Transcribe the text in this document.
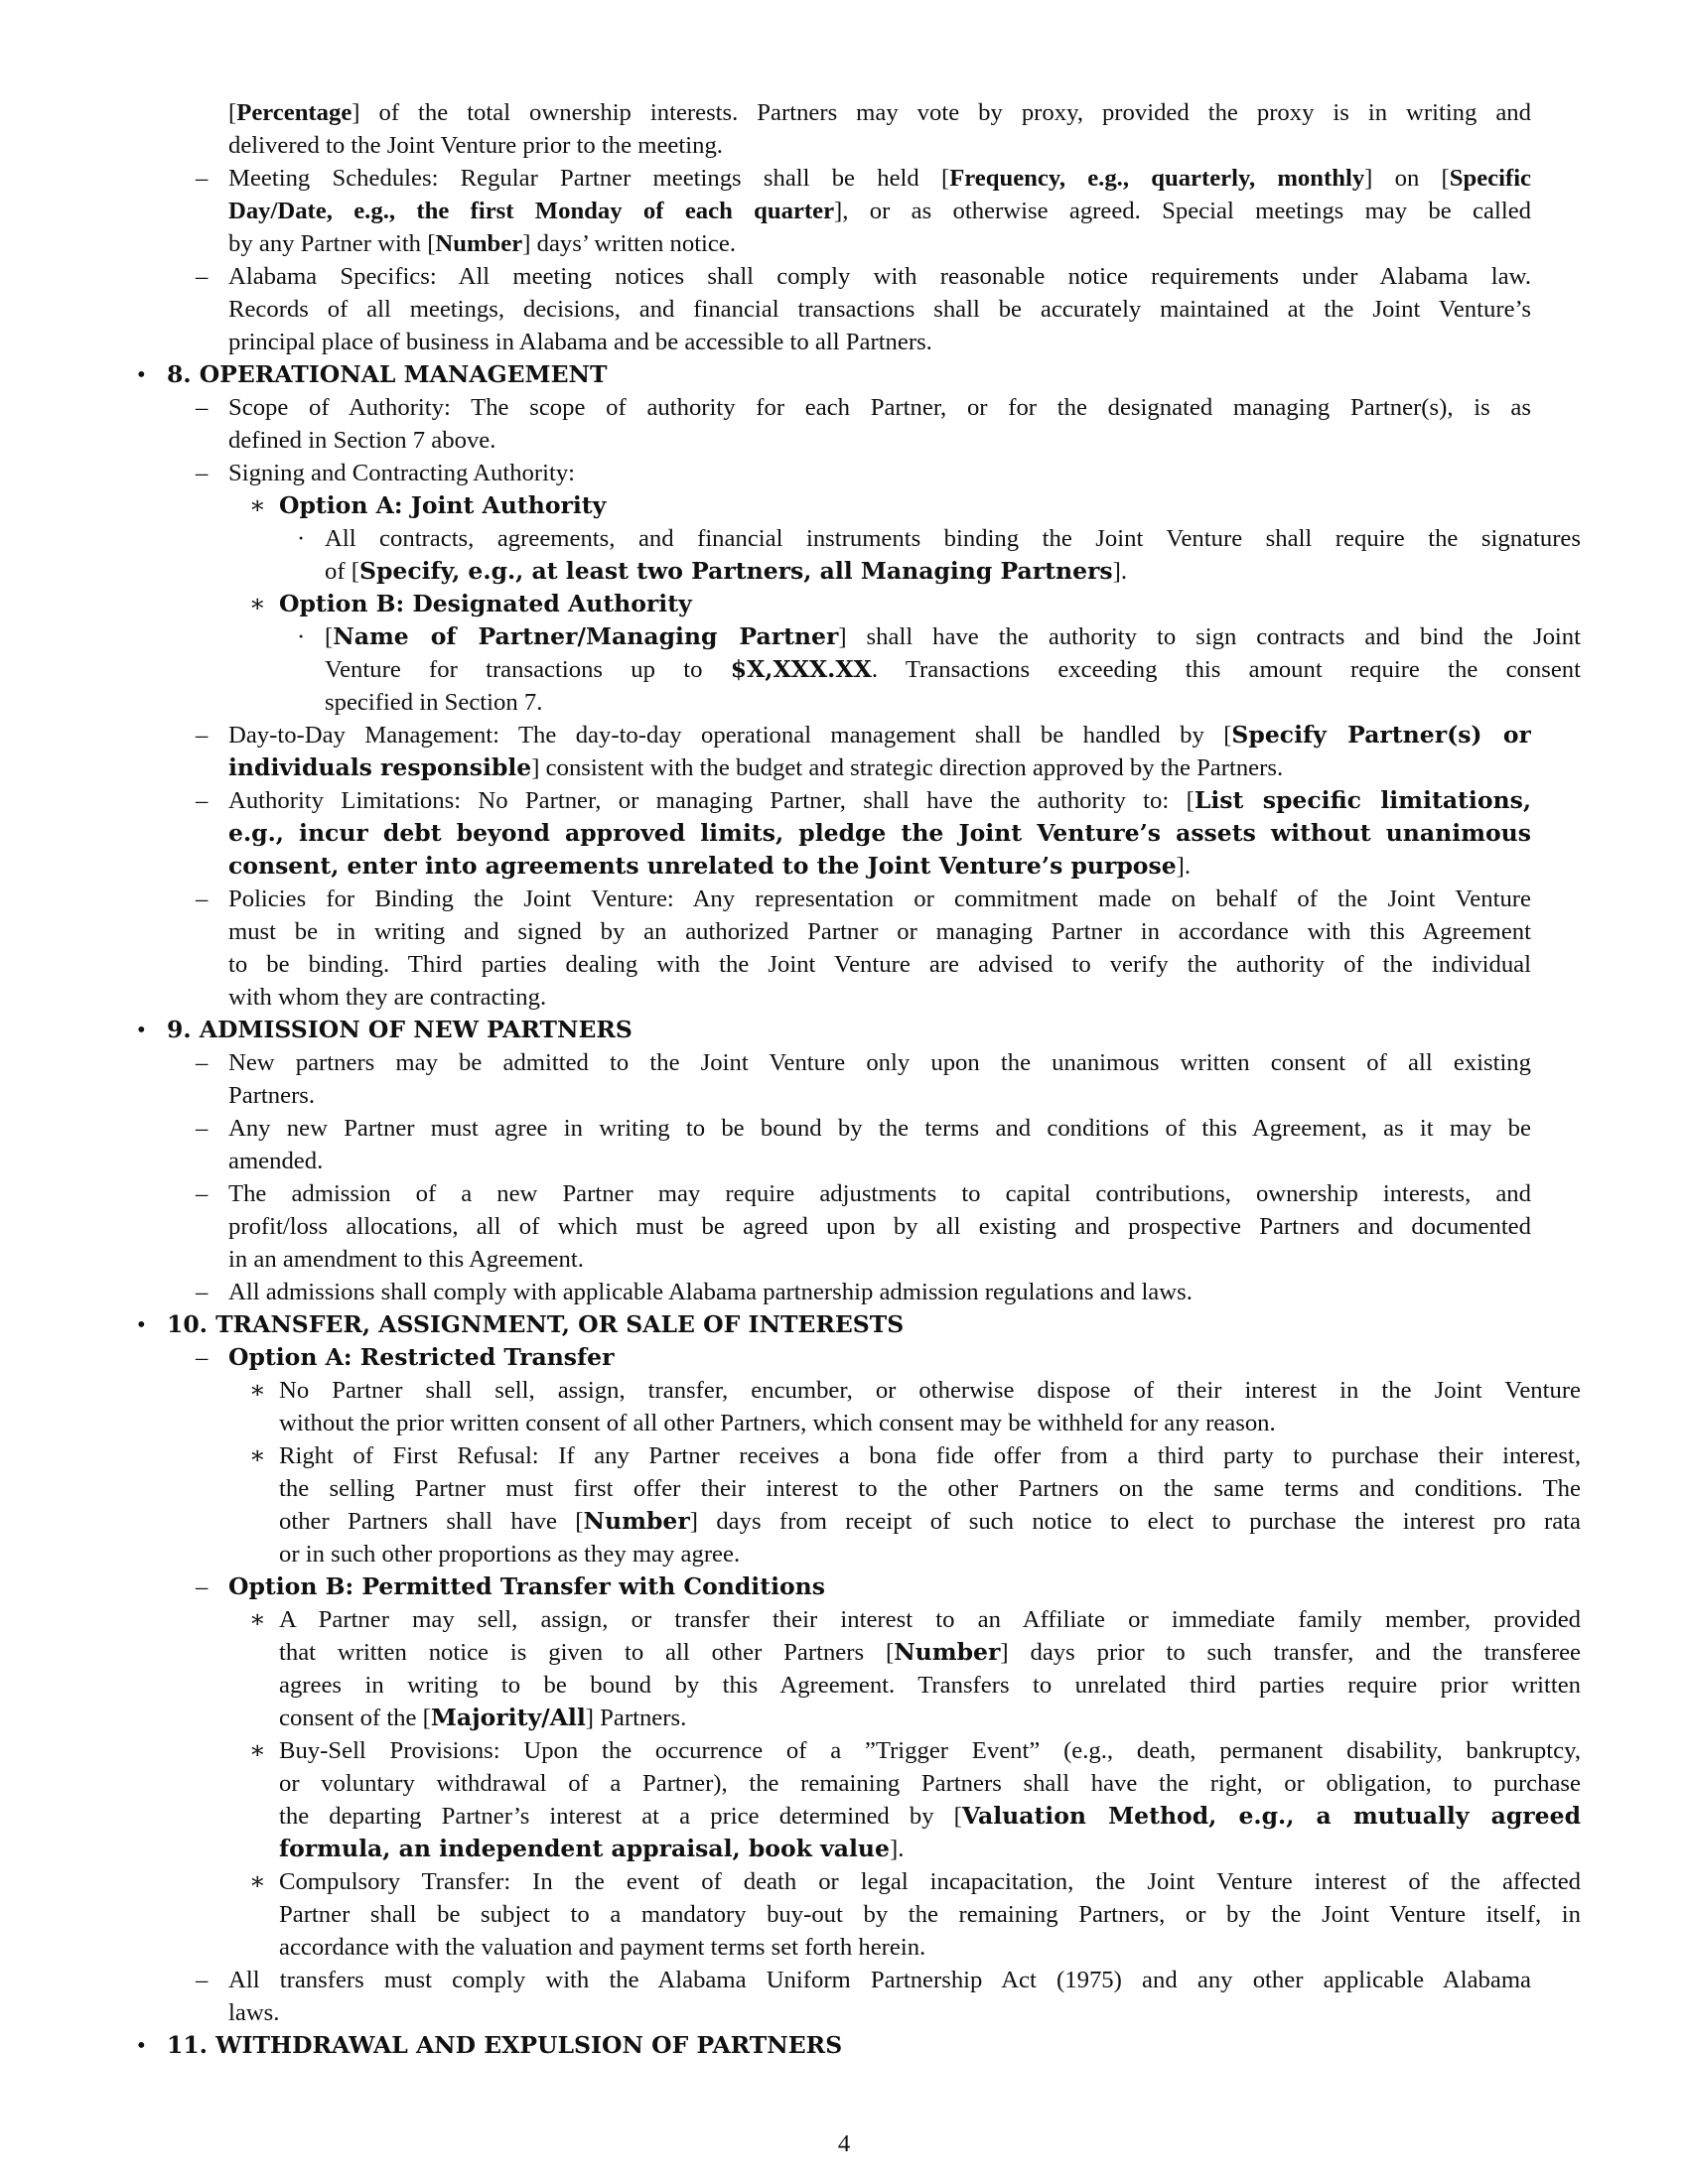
[Percentage] of the total ownership interests. Partners may vote by proxy, provided the proxy is in writing and
delivered to the Joint Venture prior to the meeting.
– Meeting Schedules: Regular Partner meetings shall be held [Frequency, e.g., quarterly, monthly] on [Specific
Day/Date, e.g., the first Monday of each quarter], or as otherwise agreed. Special meetings may be called
by any Partner with [Number] days’ written notice.
– Alabama Specifics: All meeting notices shall comply with reasonable notice requirements under Alabama law.
Records of all meetings, decisions, and financial transactions shall be accurately maintained at the Joint Venture’s
principal place of business in Alabama and be accessible to all Partners.
• 8. OPERATIONAL MANAGEMENT
– Scope of Authority: The scope of authority for each Partner, or for the designated managing Partner(s), is as
defined in Section 7 above.
– Signing and Contracting Authority:
∗ Option A: Joint Authority
· All contracts, agreements, and financial instruments binding the Joint Venture shall require the signatures
of [Specify, e.g., at least two Partners, all Managing Partners].
∗ Option B: Designated Authority
· [Name of Partner/Managing Partner] shall have the authority to sign contracts and bind the Joint
Venture for transactions up to $X,XXX.XX. Transactions exceeding this amount require the consent
specified in Section 7.
– Day-to-Day Management: The day-to-day operational management shall be handled by [Specify Partner(s) or
individuals responsible] consistent with the budget and strategic direction approved by the Partners.
– Authority Limitations: No Partner, or managing Partner, shall have the authority to: [List specific limitations,
e.g., incur debt beyond approved limits, pledge the Joint Venture’s assets without unanimous
consent, enter into agreements unrelated to the Joint Venture’s purpose].
– Policies for Binding the Joint Venture: Any representation or commitment made on behalf of the Joint Venture
must be in writing and signed by an authorized Partner or managing Partner in accordance with this Agreement
to be binding. Third parties dealing with the Joint Venture are advised to verify the authority of the individual
with whom they are contracting.
• 9. ADMISSION OF NEW PARTNERS
– New partners may be admitted to the Joint Venture only upon the unanimous written consent of all existing
Partners.
– Any new Partner must agree in writing to be bound by the terms and conditions of this Agreement, as it may be
amended.
– The admission of a new Partner may require adjustments to capital contributions, ownership interests, and
profit/loss allocations, all of which must be agreed upon by all existing and prospective Partners and documented
in an amendment to this Agreement.
– All admissions shall comply with applicable Alabama partnership admission regulations and laws.
• 10. TRANSFER, ASSIGNMENT, OR SALE OF INTERESTS
– Option A: Restricted Transfer
∗ No Partner shall sell, assign, transfer, encumber, or otherwise dispose of their interest in the Joint Venture
without the prior written consent of all other Partners, which consent may be withheld for any reason.
∗ Right of First Refusal: If any Partner receives a bona fide offer from a third party to purchase their interest,
the selling Partner must first offer their interest to the other Partners on the same terms and conditions. The
other Partners shall have [Number] days from receipt of such notice to elect to purchase the interest pro rata
or in such other proportions as they may agree.
– Option B: Permitted Transfer with Conditions
∗ A Partner may sell, assign, or transfer their interest to an Affiliate or immediate family member, provided
that written notice is given to all other Partners [Number] days prior to such transfer, and the transferee
agrees in writing to be bound by this Agreement. Transfers to unrelated third parties require prior written
consent of the [Majority/All] Partners.
∗ Buy-Sell Provisions: Upon the occurrence of a ”Trigger Event” (e.g., death, permanent disability, bankruptcy,
or voluntary withdrawal of a Partner), the remaining Partners shall have the right, or obligation, to purchase
the departing Partner’s interest at a price determined by [Valuation Method, e.g., a mutually agreed
formula, an independent appraisal, book value].
∗ Compulsory Transfer: In the event of death or legal incapacitation, the Joint Venture interest of the affected
Partner shall be subject to a mandatory buy-out by the remaining Partners, or by the Joint Venture itself, in
accordance with the valuation and payment terms set forth herein.
– All transfers must comply with the Alabama Uniform Partnership Act (1975) and any other applicable Alabama
laws.
• 11. WITHDRAWAL AND EXPULSION OF PARTNERS
4
